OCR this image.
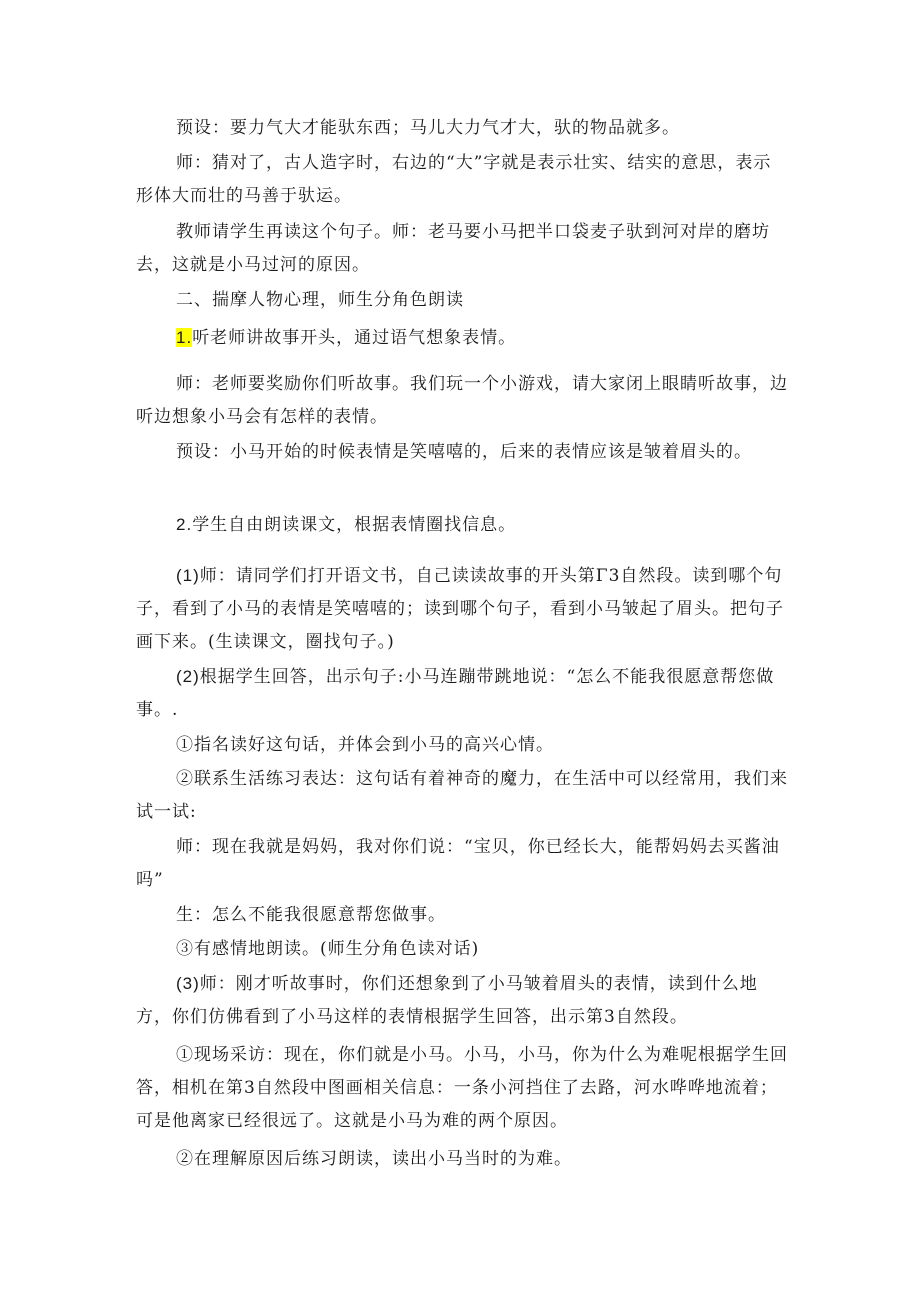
预设：要力气大才能驮东西；马儿大力气才大，驮的物品就多。

师：猜对了，古人造字时，右边的“大”字就是表示壮实、结实的意思，表示形体大而壮的马善于驮运。

教师请学生再读这个句子。师：老马要小马把半口袋麦子驮到河对岸的磨坊去，这就是小马过河的原因。

二、揣摩人物心理，师生分角色朗读

1.听老师讲故事开头，通过语气想象表情。

师：老师要奖励你们听故事。我们玩一个小游戏，请大家闭上眼睛听故事，边听边想象小马会有怎样的表情。

预设：小马开始的时候表情是笑嘻嘻的，后来的表情应该是皱着眉头的。

2.学生自由朗读课文，根据表情圈找信息。

(1)师：请同学们打开语文书，自己读读故事的开头第Γ3自然段。读到哪个句子，看到了小马的表情是笑嘻嘻的；读到哪个句子，看到小马皱起了眉头。把句子画下来。(生读课文，圈找句子。)

(2)根据学生回答，出示句子:小马连蹦带跳地说：“怎么不能我很愿意帮您做事。.

①指名读好这句话，并体会到小马的高兴心情。

②联系生活练习表达：这句话有着神奇的魔力，在生活中可以经常用，我们来试一试:

师：现在我就是妈妈，我对你们说：“宝贝，你已经长大，能帮妈妈去买酱油吗”

生：怎么不能我很愿意帮您做事。

③有感情地朗读。(师生分角色读对话)

(3)师：刚才听故事时，你们还想象到了小马皱着眉头的表情，读到什么地方，你们仿佛看到了小马这样的表情根据学生回答，出示第3自然段。

①现场采访：现在，你们就是小马。小马，小马，你为什么为难呢根据学生回答，相机在第3自然段中图画相关信息：一条小河挡住了去路，河水哗哗地流着；可是他离家已经很远了。这就是小马为难的两个原因。

②在理解原因后练习朗读，读出小马当时的为难。
